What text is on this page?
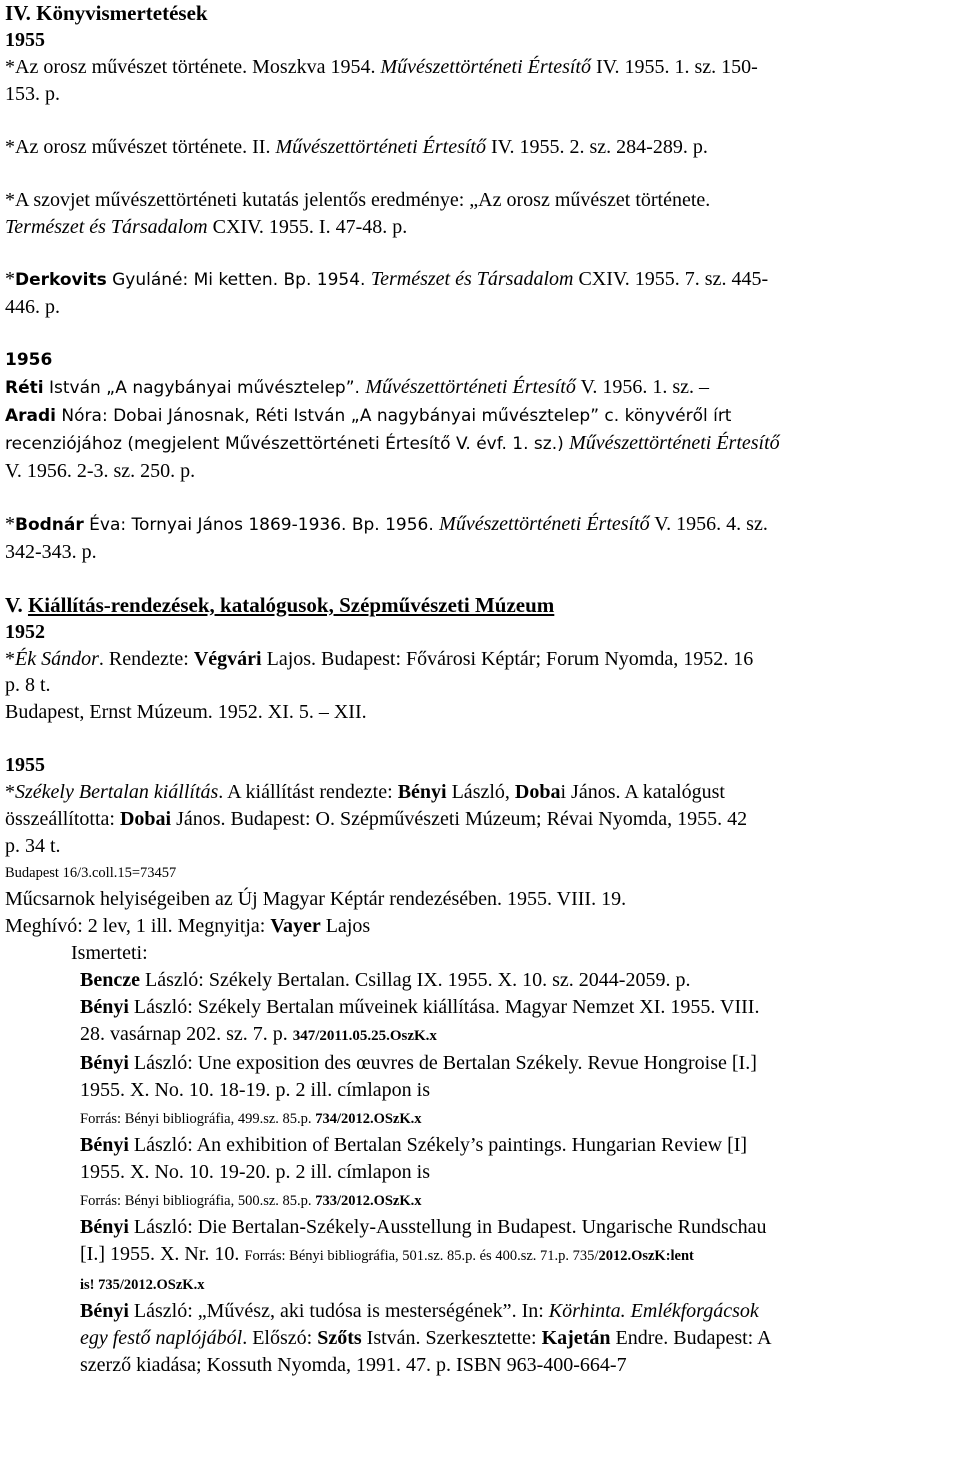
IV. Könyvismertetések

1955

*Az orosz művészet története. Moszkva 1954. Művészettörténeti Értesítő IV. 1955. 1. sz. 150-
153. p.

*Az orosz művészet története. II. Művészettörténeti Értesítő IV. 1955. 2. sz. 284-289. p.

*A szovjet művészettörténeti kutatás jelentős eredménye: „Az orosz művészet története.
Természet és Társadalom CXIV. 1955. I. 47-48. p.

*Derkovits Gyuláné: Mi ketten. Bp. 1954. Természet és Társadalom CXIV. 1955. 7. sz. 445-
446. p.

1956

Réti István „A nagybányai művésztelep”. Művészettörténeti Értesítő V. 1956. 1. sz. –

Aradi Nóra: Dobai Jánosnak, Réti István „A nagybányai művésztelep” c. könyvéről írt
recenziójához (megjelent Művészettörténeti Értesítő V. évf. 1. sz.) Művészettörténeti Értesítő
V. 1956. 2-3. sz. 250. p.

*Bodnár Éva: Tornyai János 1869-1936. Bp. 1956. Művészettörténeti Értesítő V. 1956. 4. sz.
342-343. p.

V. Kiállítás-rendezések, katalógusok, Szépművészeti Múzeum

1952

*Ék Sándor. Rendezte: Végvári Lajos. Budapest: Fővárosi Képtár; Forum Nyomda, 1952. 16
p. 8 t.
Budapest, Ernst Múzeum. 1952. XI. 5. – XII.

1955

*Székely Bertalan kiállítás. A kiállítást rendezte: Bényi László, Dobai János. A katalógust
összeállította: Dobai János. Budapest: O. Szépművészeti Múzeum; Révai Nyomda, 1955. 42
p. 34 t.

Budapest 16/3.coll.15=73457

Műcsarnok helyiségeiben az Új Magyar Képtár rendezésében. 1955. VIII. 19.

Meghívó: 2 lev, 1 ill. Megnyitja: Vayer Lajos

Ismerteti:

Bencze László: Székely Bertalan. Csillag IX. 1955. X. 10. sz. 2044-2059. p.

Bényi László: Székely Bertalan műveinek kiállítása. Magyar Nemzet XI. 1955. VIII.
28. vasárnap 202. sz. 7. p. 347/2011.05.25.OszK.x

Bényi László: Une exposition des œuvres de Bertalan Székely. Revue Hongroise [I.]
1955. X. No. 10. 18-19. p. 2 ill. címlapon is
Forrás: Bényi bibliográfia, 499.sz. 85.p. 734/2012.OSzK.x

Bényi László: An exhibition of Bertalan Székely’s paintings. Hungarian Review [I]
1955. X. No. 10. 19-20. p. 2 ill. címlapon is
Forrás: Bényi bibliográfia, 500.sz. 85.p. 733/2012.OSzK.x

Bényi László: Die Bertalan-Székely-Ausstellung in Budapest. Ungarische Rundschau
[I.] 1955. X. Nr. 10. Forrás: Bényi bibliográfia, 501.sz. 85.p. és 400.sz. 71.p. 735/2012.OszK:lent
is! 735/2012.OSzK.x

Bényi László: „Művész, aki tudósa is mesterségének”. In: Körhinta. Emlékforgácsok
egy festő naplójából. Előszó: Szőts István. Szerkesztette: Kajetán Endre. Budapest: A
szerző kiadása; Kossuth Nyomda, 1991. 47. p. ISBN 963-400-664-7
